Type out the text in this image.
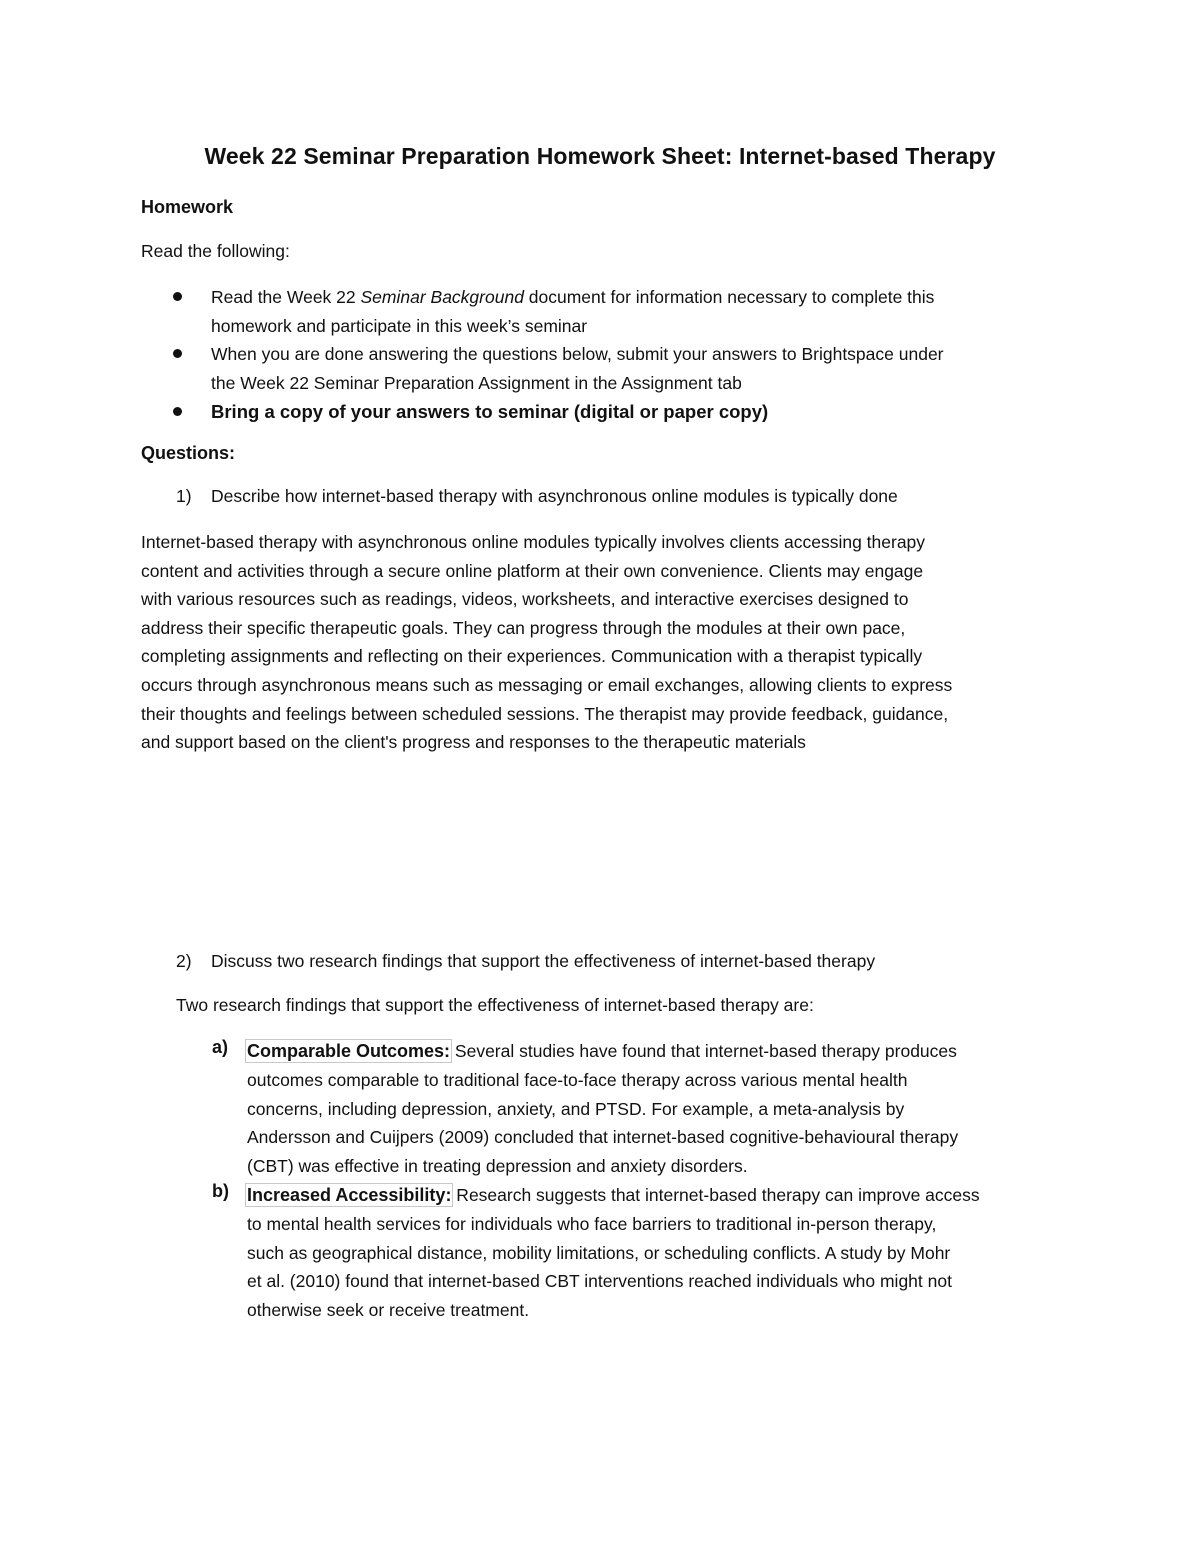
Week 22 Seminar Preparation Homework Sheet: Internet-based Therapy
Homework
Read the following:
Read the Week 22 Seminar Background document for information necessary to complete this
homework and participate in this week’s seminar
When you are done answering the questions below, submit your answers to Brightspace under
the Week 22 Seminar Preparation Assignment in the Assignment tab
Bring a copy of your answers to seminar (digital or paper copy)
Questions:
1) Describe how internet-based therapy with asynchronous online modules is typically done
Internet-based therapy with asynchronous online modules typically involves clients accessing therapy
content and activities through a secure online platform at their own convenience. Clients may engage
with various resources such as readings, videos, worksheets, and interactive exercises designed to
address their specific therapeutic goals. They can progress through the modules at their own pace,
completing assignments and reflecting on their experiences. Communication with a therapist typically
occurs through asynchronous means such as messaging or email exchanges, allowing clients to express
their thoughts and feelings between scheduled sessions. The therapist may provide feedback, guidance,
and support based on the client's progress and responses to the therapeutic materials
2) Discuss two research findings that support the effectiveness of internet-based therapy
Two research findings that support the effectiveness of internet-based therapy are:
a) Comparable Outcomes: Several studies have found that internet-based therapy produces
outcomes comparable to traditional face-to-face therapy across various mental health
concerns, including depression, anxiety, and PTSD. For example, a meta-analysis by
Andersson and Cuijpers (2009) concluded that internet-based cognitive-behavioural therapy
(CBT) was effective in treating depression and anxiety disorders.
b) Increased Accessibility: Research suggests that internet-based therapy can improve access
to mental health services for individuals who face barriers to traditional in-person therapy,
such as geographical distance, mobility limitations, or scheduling conflicts. A study by Mohr
et al. (2010) found that internet-based CBT interventions reached individuals who might not
otherwise seek or receive treatment.
